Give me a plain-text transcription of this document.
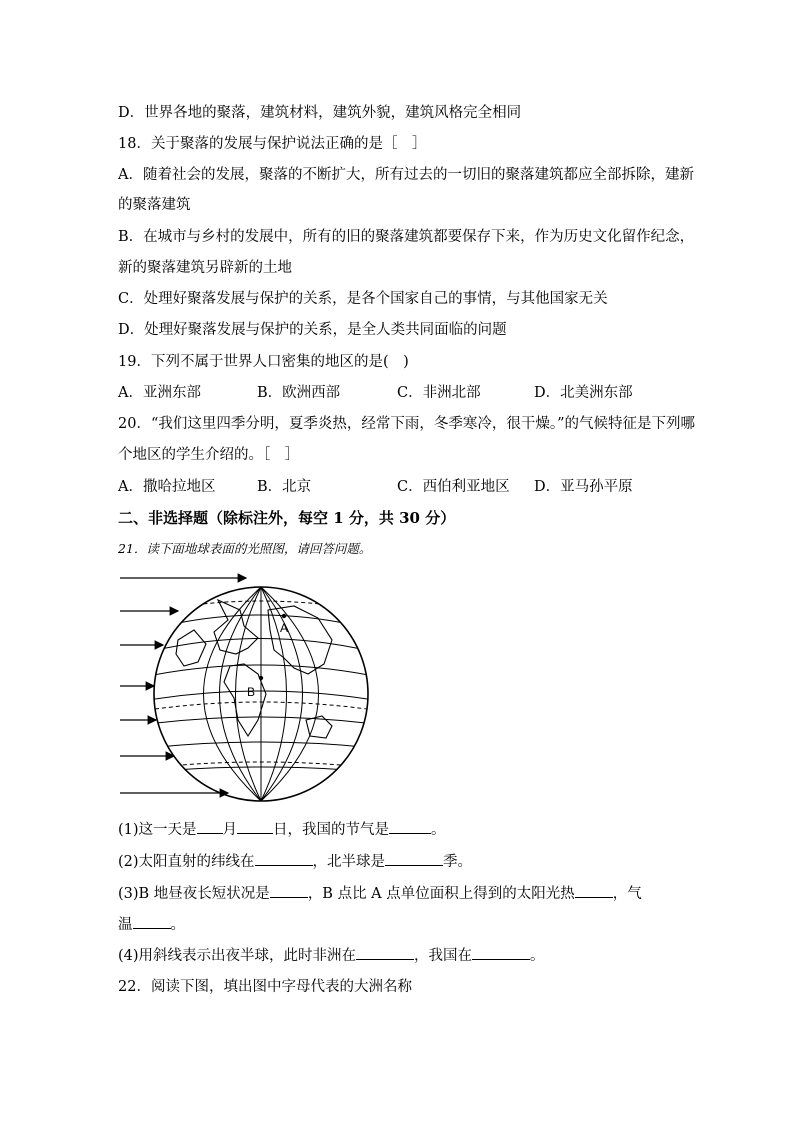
D．世界各地的聚落，建筑材料，建筑外貌，建筑风格完全相同
18．关于聚落的发展与保护说法正确的是［　］
A．随着社会的发展，聚落的不断扩大，所有过去的一切旧的聚落建筑都应全部拆除，建新
的聚落建筑
B．在城市与乡村的发展中，所有的旧的聚落建筑都要保存下来，作为历史文化留作纪念，
新的聚落建筑另辟新的土地
C．处理好聚落发展与保护的关系，是各个国家自己的事情，与其他国家无关
D．处理好聚落发展与保护的关系，是全人类共同面临的问题
19．下列不属于世界人口密集的地区的是(　)
A．亚洲东部	B．欧洲西部	C．非洲北部	D．北美洲东部
20．“我们这里四季分明，夏季炎热，经常下雨，冬季寒冷，很干燥。”的气候特征是下列哪
个地区的学生介绍的。［　］
A．撒哈拉地区	B．北京	C．西伯利亚地区 D．亚马孙平原
二、非选择题（除标注外，每空 1 分，共 30 分）
21．读下面地球表面的光照图，请回答问题。
A
B
(1)这一天是 月 日，我国的节气是	。
(2)太阳直射的纬线在	，北半球是	季。
(3)B 地昼夜长短状况是	，B 点比 A 点单位面积上得到的太阳光热	，气
温	。
(4)用斜线表示出夜半球，此时非洲在	，我国在	。
22．阅读下图，填出图中字母代表的大洲名称
